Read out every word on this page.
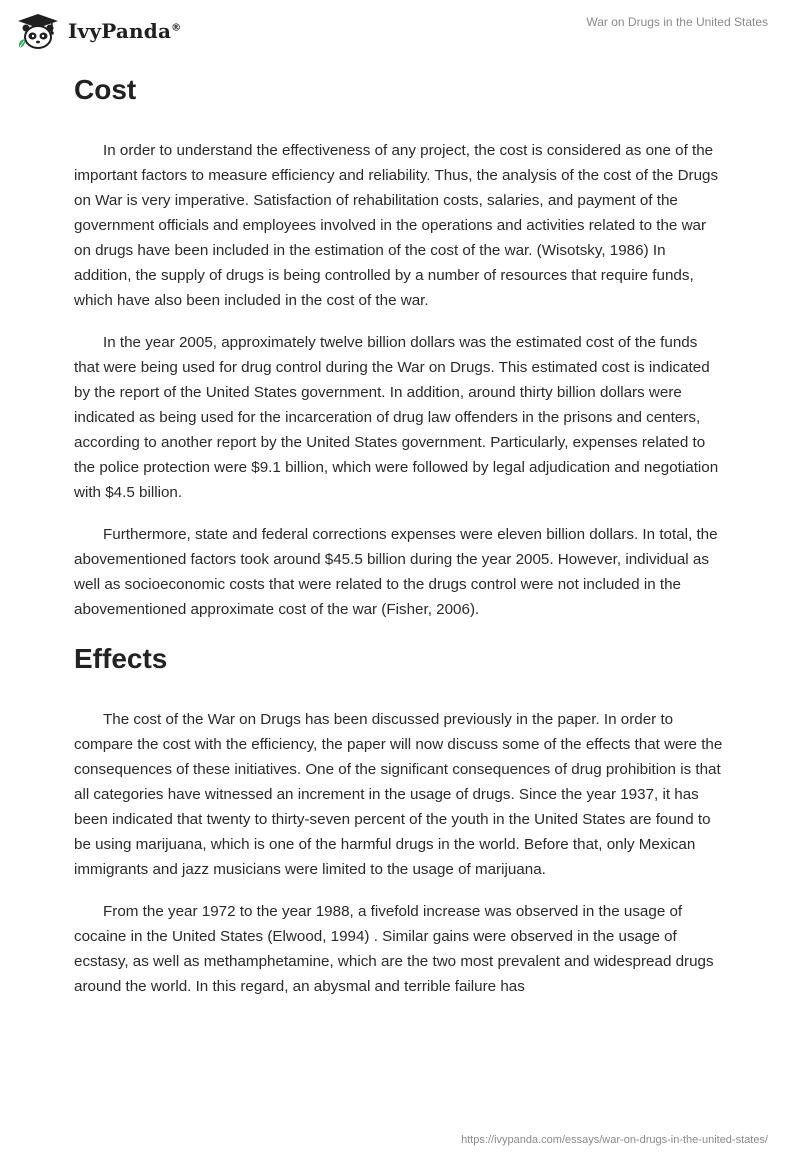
IvyPanda®	War on Drugs in the United States
Cost

In order to understand the effectiveness of any project, the cost is considered as one of the important factors to measure efficiency and reliability. Thus, the analysis of the cost of the Drugs on War is very imperative. Satisfaction of rehabilitation costs, salaries, and payment of the government officials and employees involved in the operations and activities related to the war on drugs have been included in the estimation of the cost of the war. (Wisotsky, 1986) In addition, the supply of drugs is being controlled by a number of resources that require funds, which have also been included in the cost of the war.

In the year 2005, approximately twelve billion dollars was the estimated cost of the funds that were being used for drug control during the War on Drugs. This estimated cost is indicated by the report of the United States government. In addition, around thirty billion dollars were indicated as being used for the incarceration of drug law offenders in the prisons and centers, according to another report by the United States government. Particularly, expenses related to the police protection were $9.1 billion, which were followed by legal adjudication and negotiation with $4.5 billion.

Furthermore, state and federal corrections expenses were eleven billion dollars. In total, the abovementioned factors took around $45.5 billion during the year 2005. However, individual as well as socioeconomic costs that were related to the drugs control were not included in the abovementioned approximate cost of the war (Fisher, 2006).

Effects

The cost of the War on Drugs has been discussed previously in the paper. In order to compare the cost with the efficiency, the paper will now discuss some of the effects that were the consequences of these initiatives. One of the significant consequences of drug prohibition is that all categories have witnessed an increment in the usage of drugs. Since the year 1937, it has been indicated that twenty to thirty-seven percent of the youth in the United States are found to be using marijuana, which is one of the harmful drugs in the world. Before that, only Mexican immigrants and jazz musicians were limited to the usage of marijuana.

From the year 1972 to the year 1988, a fivefold increase was observed in the usage of cocaine in the United States (Elwood, 1994) . Similar gains were observed in the usage of ecstasy, as well as methamphetamine, which are the two most prevalent and widespread drugs around the world. In this regard, an abysmal and terrible failure has

https://ivypanda.com/essays/war-on-drugs-in-the-united-states/
